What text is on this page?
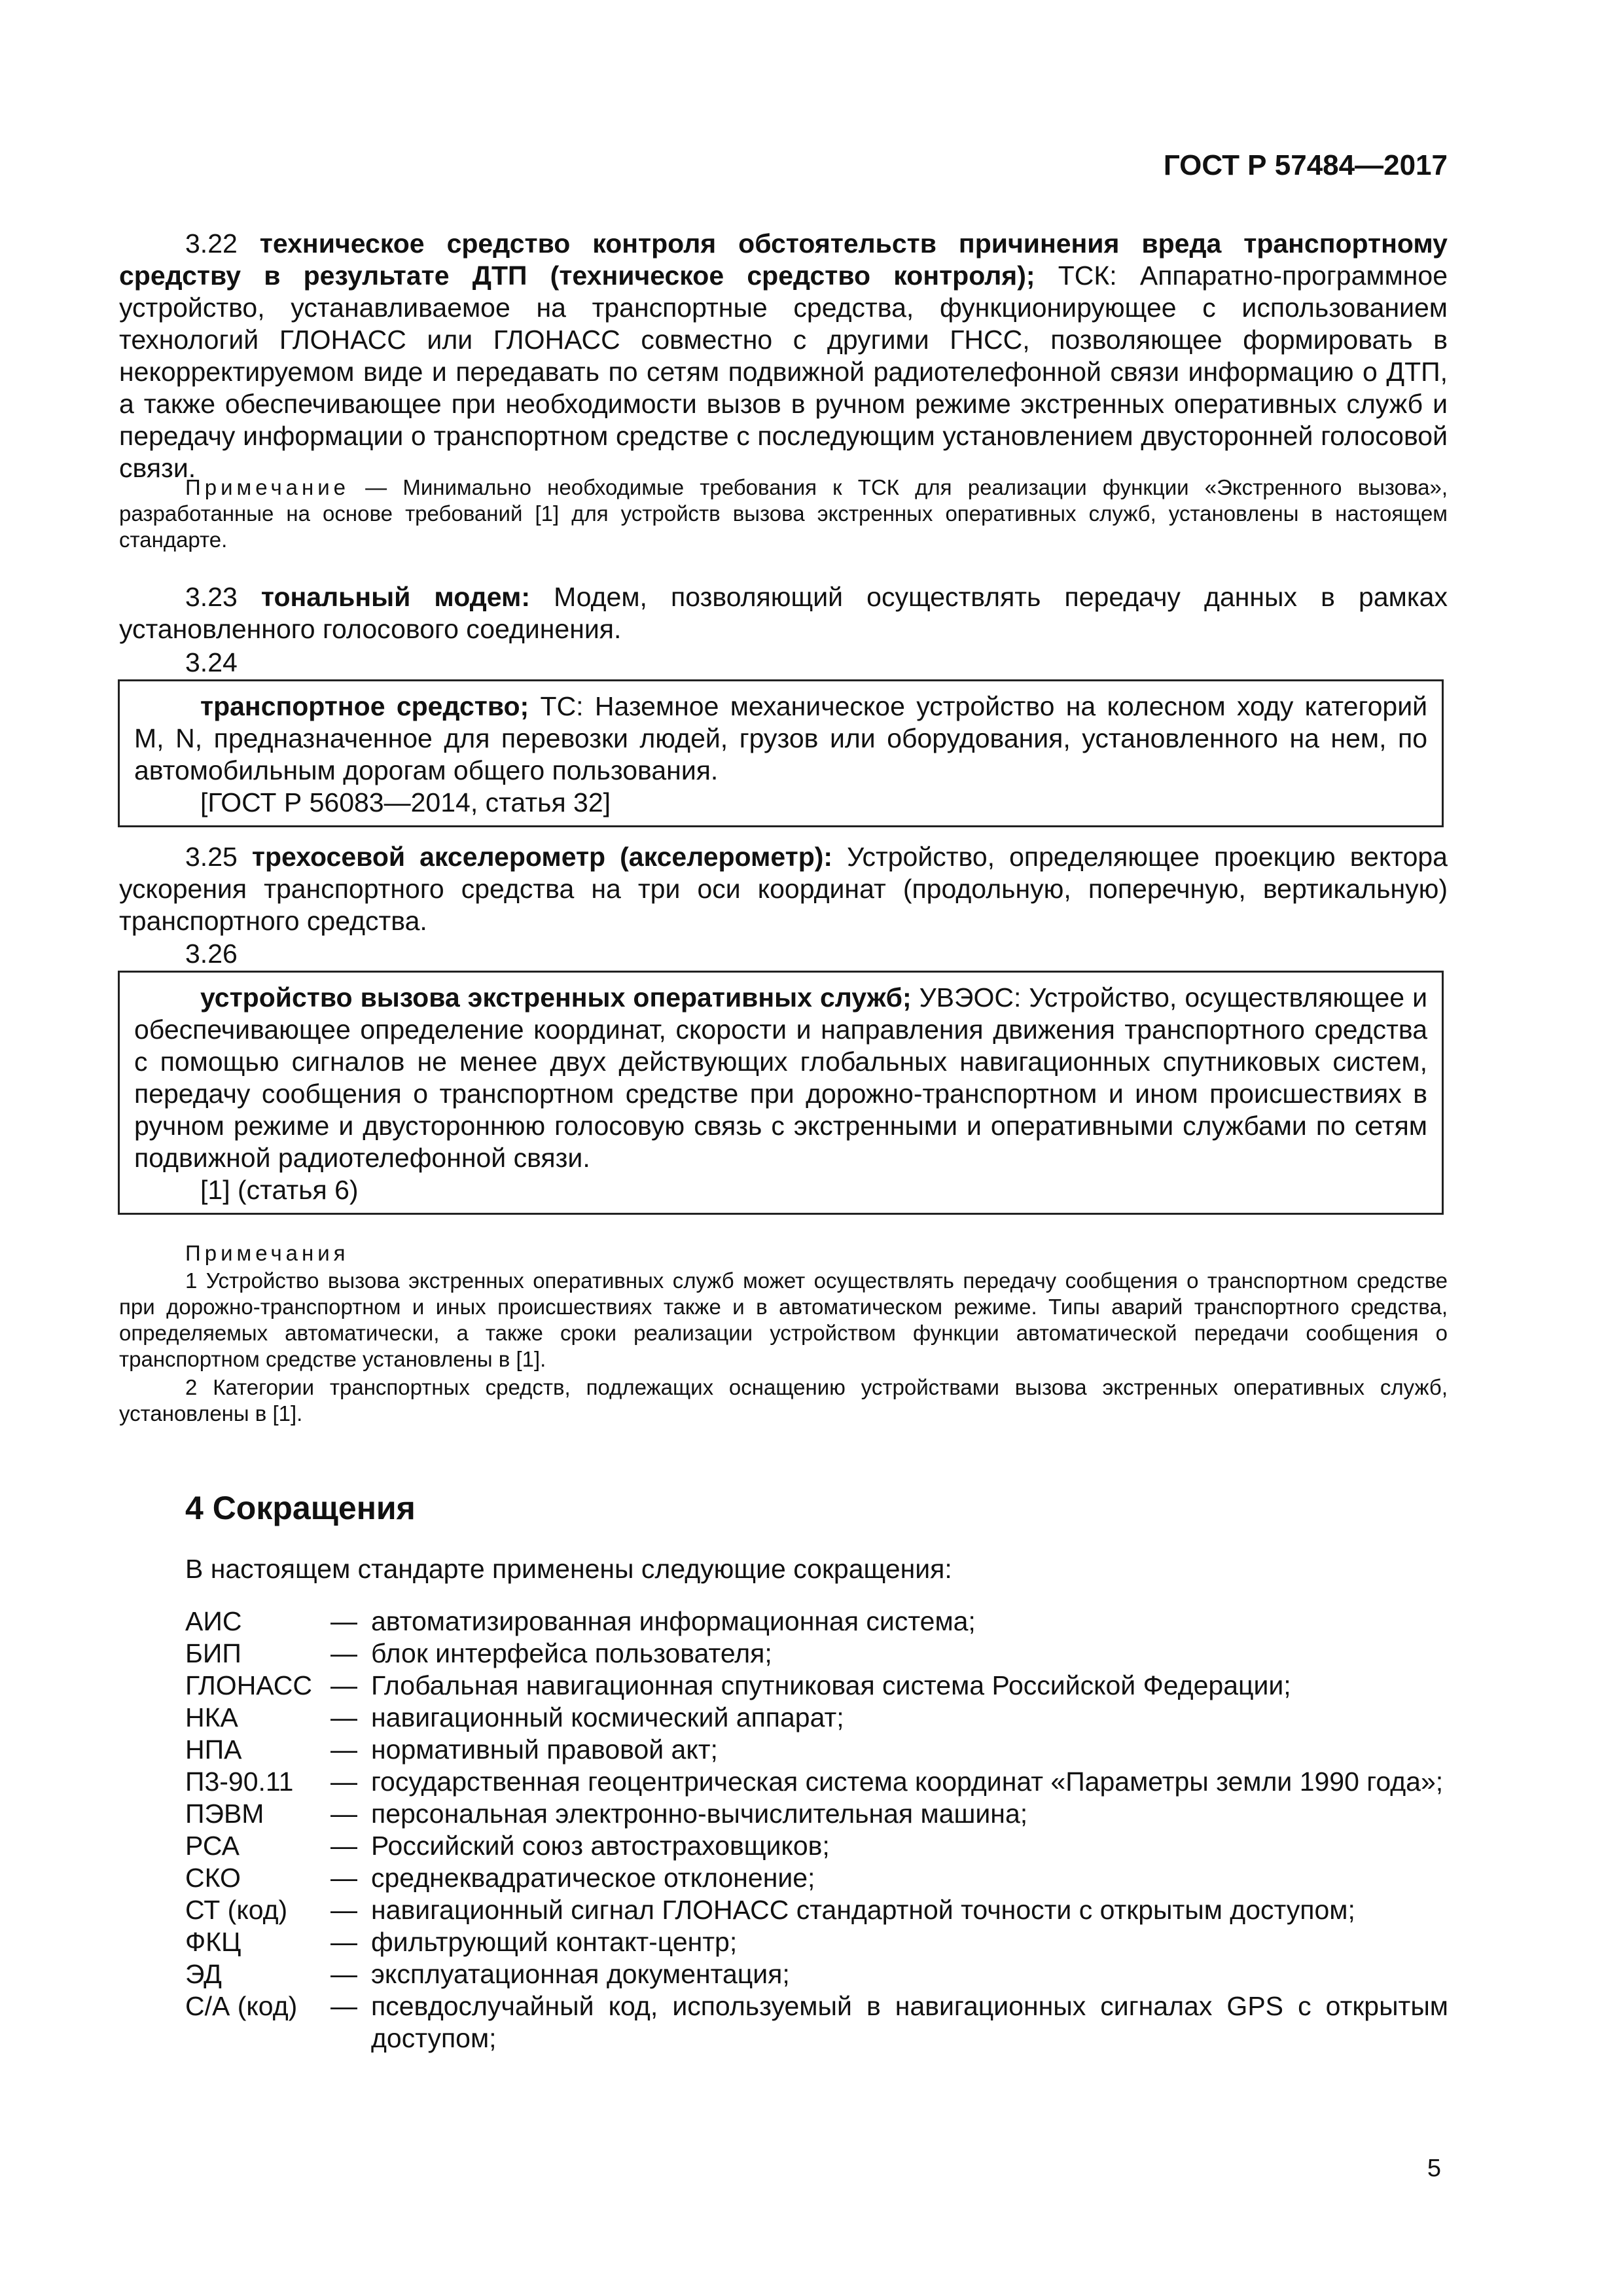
ГОСТ Р 57484—2017

3.22 техническое средство контроля обстоятельств причинения вреда транспортному средству в результате ДТП (техническое средство контроля); ТСК: Аппаратно-программное устройство, устанавливаемое на транспортные средства, функционирующее с использованием технологий ГЛОНАСС или ГЛОНАСС совместно с другими ГНСС, позволяющее формировать в некорректируемом виде и передавать по сетям подвижной радиотелефонной связи информацию о ДТП, а также обеспечивающее при необходимости вызов в ручном режиме экстренных оперативных служб и передачу информации о транспортном средстве с последующим установлением двусторонней голосовой связи.

Примечание — Минимально необходимые требования к ТСК для реализации функции «Экстренного вызова», разработанные на основе требований [1] для устройств вызова экстренных оперативных служб, установлены в настоящем стандарте.

3.23 тональный модем: Модем, позволяющий осуществлять передачу данных в рамках установленного голосового соединения.

3.24

транспортное средство; ТС: Наземное механическое устройство на колесном ходу категорий М, N, предназначенное для перевозки людей, грузов или оборудования, установленного на нем, по автомобильным дорогам общего пользования.

[ГОСТ Р 56083—2014, статья 32]

3.25 трехосевой акселерометр (акселерометр): Устройство, определяющее проекцию вектора ускорения транспортного средства на три оси координат (продольную, поперечную, вертикальную) транспортного средства.

3.26

устройство вызова экстренных оперативных служб; УВЭОС: Устройство, осуществляющее и обеспечивающее определение координат, скорости и направления движения транспортного средства с помощью сигналов не менее двух действующих глобальных навигационных спутниковых систем, передачу сообщения о транспортном средстве при дорожно-транспортном и ином происшествиях в ручном режиме и двустороннюю голосовую связь с экстренными и оперативными службами по сетям подвижной радиотелефонной связи.

[1] (статья 6)

Примечания

1 Устройство вызова экстренных оперативных служб может осуществлять передачу сообщения о транспортном средстве при дорожно-транспортном и иных происшествиях также и в автоматическом режиме. Типы аварий транспортного средства, определяемых автоматически, а также сроки реализации устройством функции автоматической передачи сообщения о транспортном средстве установлены в [1].

2 Категории транспортных средств, подлежащих оснащению устройствами вызова экстренных оперативных служб, установлены в [1].

4 Сокращения

В настоящем стандарте применены следующие сокращения:

АИС	— автоматизированная информационная система;
БИП	— блок интерфейса пользователя;
ГЛОНАСС — Глобальная навигационная спутниковая система Российской Федерации;
НКА	— навигационный космический аппарат;
НПА	— нормативный правовой акт;
П3-90.11	— государственная геоцентрическая система координат «Параметры земли 1990 года»;
ПЭВМ	— персональная электронно-вычислительная машина;
РСА	— Российский союз автостраховщиков;
СКО	— среднеквадратическое отклонение;
СТ (код)	— навигационный сигнал ГЛОНАСС стандартной точности с открытым доступом;
ФКЦ	— фильтрующий контакт-центр;
ЭД	— эксплуатационная документация;
С/А (код)	— псевдослучайный код, используемый в навигационных сигналах GPS с открытым доступом;
5
